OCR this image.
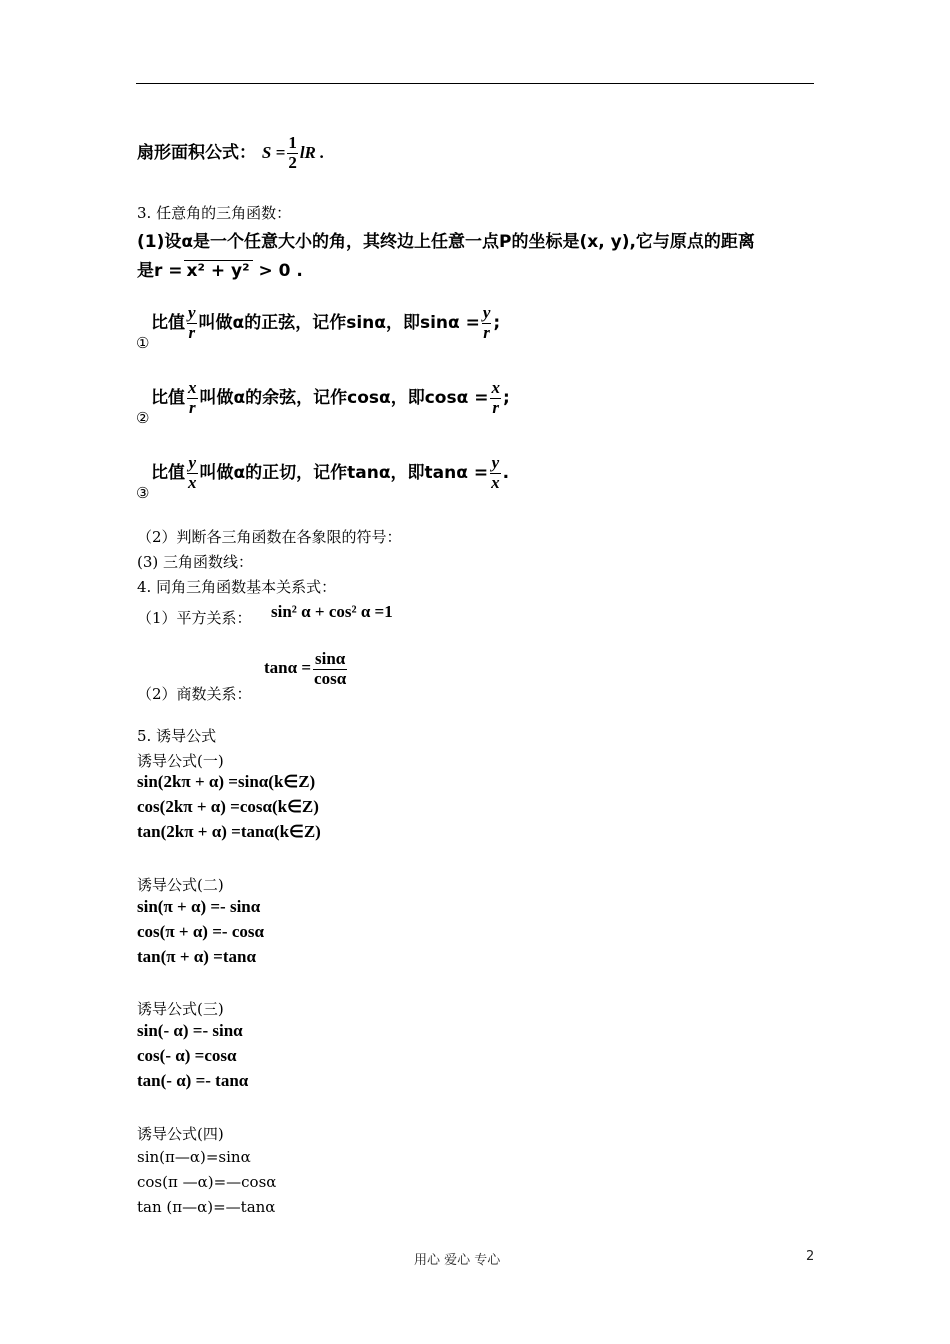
扇形面积公式： $S = \frac{1}{2}$ lR .
3. 任意角的三角函数：
(1)设α是一个任意大小的角，其终边上任意一点P的坐标是(x, y),它与原点的距离
是r = x² + y² > 0 .
比值 $\frac{y}{r}$ 叫做α的正弦，记作sinα，即$\sin\alpha = \frac{y}{r}$ ;
①
比值 $\frac{x}{r}$ 叫做α的余弦，记作cosα，即$\cos\alpha = \frac{x}{r}$ ;
②
比值 $\frac{y}{x}$ 叫做α的正切，记作tanα，即$\tan\alpha = \frac{y}{x}$ .
③
（2）判断各三角函数在各象限的符号：
(3) 三角函数线：
4. 同角三角函数基本关系式：
（1）平方关系： sin² α + cos² α =1
（2）商数关系：
$\tan\alpha = \frac{\sin\alpha}{\cos\alpha}$
5. 诱导公式
诱导公式(一)
sin(2kπ + α) =sinα(k∈Z)
cos(2kπ + α) =cosα(k∈Z)
tan(2kπ + α) =tanα(k∈Z)
诱导公式(二)
sin(π + α) =- sinα
cos(π + α) =- cosα
tan(π + α) =tanα
诱导公式(三)
sin(- α) =- sinα
cos(- α) =cosα
tan(- α) =- tanα
诱导公式(四)
sin(π—α)=sinα
cos(π —α)=—cosα
tan (π—α)=—tanα
用心 爱心 专心	2
